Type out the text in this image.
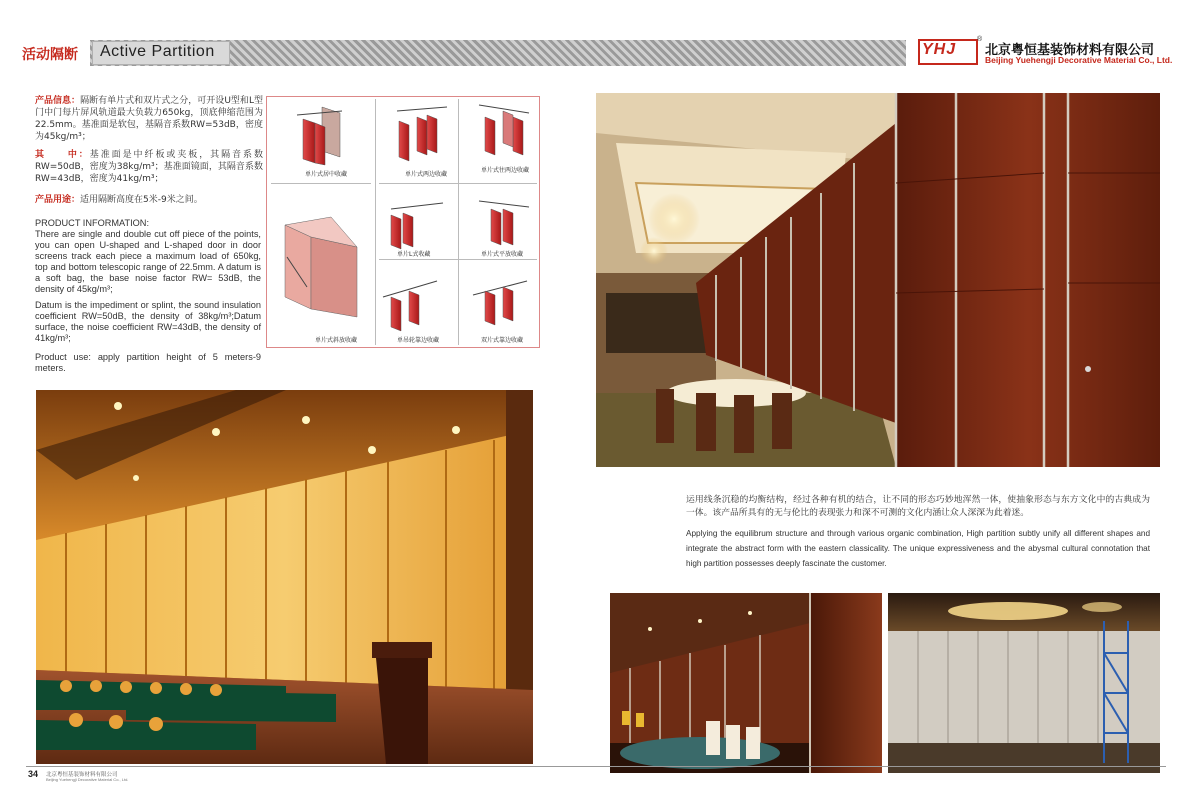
活动隔断 Active Partition	YHJ
®
北京粤恒基装饰材料有限公司
Beijing Yuehengji Decorative Material Co., Ltd.
产品信息：隔断有单片式和双片式之分，可开设U型和L型门中门每片屏风轨道最大负载力650kg，顶底伸缩范围为22.5mm。基准面是软包，基隔音系数RW=53dB，密度为45kg/m³；
其　　中：基准面是中纤板或夹板，其隔音系数RW=50dB，密度为38kg/m³；基准面镜面，其隔音系数RW=43dB，密度为41kg/m³；
产品用途：适用隔断高度在5米-9米之间。
PRODUCT INFORMATION:
There are single and double cut off piece of the points, you can open U-shaped and L-shaped door in door screens track each piece a maximum load of 650kg, top and bottom telescopic range of 22.5mm. A datum is a soft bag, the base noise factor RW= 53dB, the density of 45kg/m³;
Datum is the impediment or splint, the sound insulation coefficient RW=50dB, the density of 38kg/m³;Datum surface, the noise coefficient RW=43dB, the density of 41kg/m³;
Product use: apply partition height of 5 meters-9 meters.
单片式居中收藏	单片式两边收藏
单片式往两边收藏
单片L式收藏	单片式平放收藏
单片式斜放收藏	单吊轮靠边收藏	双片式靠边收藏
运用线条沉稳的均衡结构，经过各种有机的结合，让不同的形态巧妙地浑然一体，使抽象形态与东方文化中的古典成为一体。该产品所具有的无与伦比的表现张力和深不可测的文化内涵让众人深深为此着迷。
Applying the equilibrum structure and through various organic combination, High partition subtly unify all different shapes and integrate the abstract form with the eastern classicality. The unique expressiveness and the abysmal cultural connotation that high partition possesses deeply fascinate the customer.
34 北京粤恒基装饰材料有限公司
Beijing Yuehengji Decorative Material Co., Ltd.
